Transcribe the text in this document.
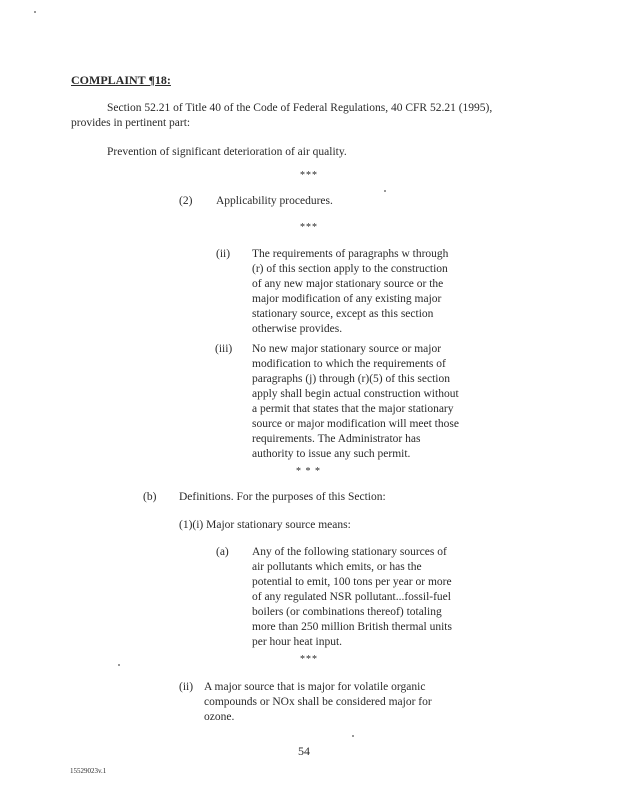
COMPLAINT ¶18:
Section 52.21 of Title 40 of the Code of Federal Regulations, 40 CFR 52.21 (1995),
provides in pertinent part:
Prevention of significant deterioration of air quality.
***
(2) Applicability procedures.
***
(ii) The requirements of paragraphs w through
(r) of this section apply to the construction
of any new major stationary source or the
major modification of any existing major
stationary source, except as this section
otherwise provides.
(iii) No new major stationary source or major
modification to which the requirements of
paragraphs (j) through (r)(5) of this section
apply shall begin actual construction without
a permit that states that the major stationary
source or major modification will meet those
requirements. The Administrator has
authority to issue any such permit.
* * *
(b) Definitions. For the purposes of this Section:
(1)(i) Major stationary source means:
(a) Any of the following stationary sources of
air pollutants which emits, or has the
potential to emit, 100 tons per year or more
of any regulated NSR pollutant...fossil-fuel
boilers (or combinations thereof) totaling
more than 250 million British thermal units
per hour heat input.
***
(ii) A major source that is major for volatile organic
compounds or NOx shall be considered major for
ozone.
54
15529023v.1
